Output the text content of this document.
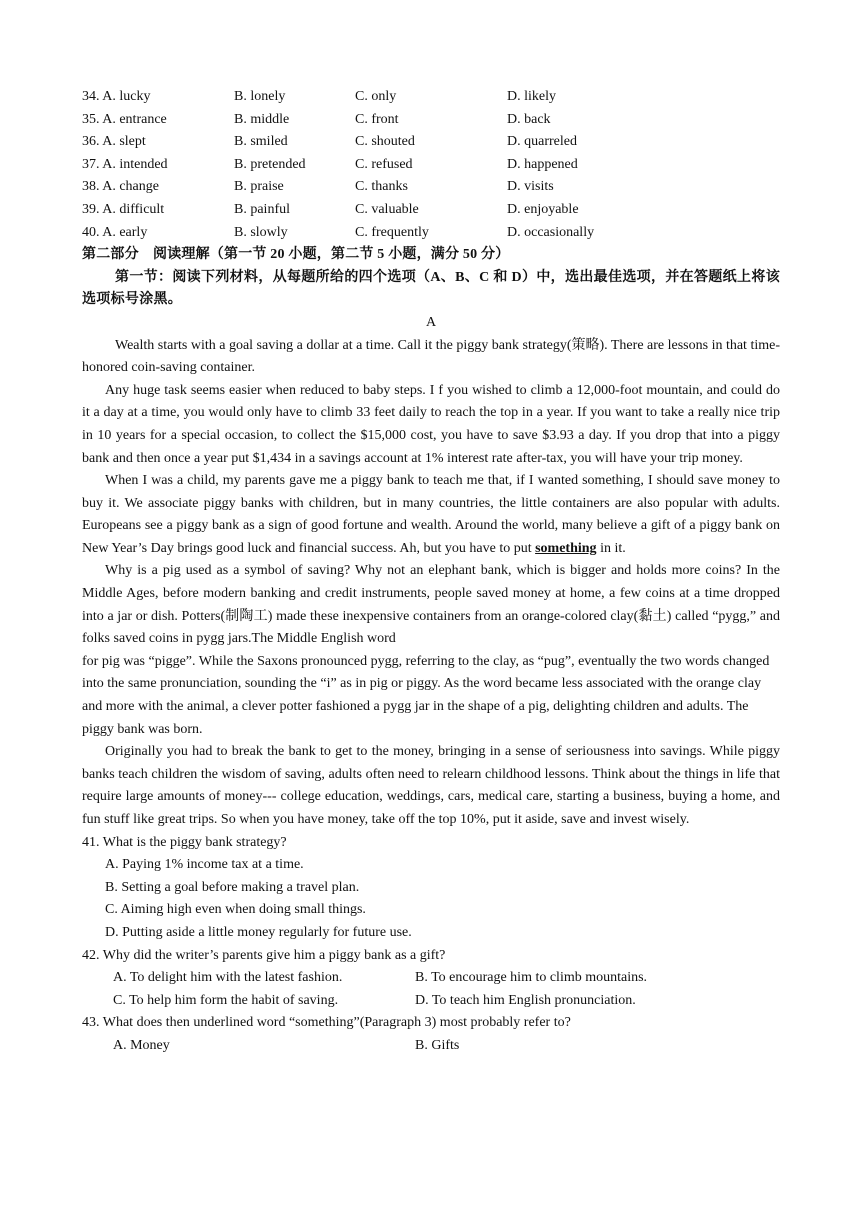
34. A. lucky	B. lonely	C. only	D. likely
35. A. entrance	B. middle	C. front	D. back
36. A. slept	B. smiled	C. shouted	D. quarreled
37. A. intended	B. pretended	C. refused	D. happened
38. A. change	B. praise	C. thanks	D. visits
39. A. difficult	B. painful	C. valuable	D. enjoyable
40. A. early	B. slowly	C. frequently	D. occasionally
第二部分　阅读理解（第一节 20 小题，第二节 5 小题，满分 50 分）
第一节：阅读下列材料，从每题所给的四个选项（A、B、C 和 D）中，选出最佳选项，并在答题纸上将该选项标号涂黑。
A

Wealth starts with a goal saving a dollar at a time. Call it the piggy bank strategy(策略). There are lessons in that time-honored coin-saving container.

Any huge task seems easier when reduced to baby steps. I f you wished to climb a 12,000-foot mountain, and could do it a day at a time, you would only have to climb 33 feet daily to reach the top in a year. If you want to take a really nice trip in 10 years for a special occasion, to collect the $15,000 cost, you have to save $3.93 a day. If you drop that into a piggy bank and then once a year put $1,434 in a savings account at 1% interest rate after-tax, you will have your trip money.

When I was a child, my parents gave me a piggy bank to teach me that, if I wanted something, I should save money to buy it. We associate piggy banks with children, but in many countries, the little containers are also popular with adults. Europeans see a piggy bank as a sign of good fortune and wealth. Around the world, many believe a gift of a piggy bank on New Year’s Day brings good luck and financial success. Ah, but you have to put something in it.

Why is a pig used as a symbol of saving? Why not an elephant bank, which is bigger and holds more coins? In the Middle Ages, before modern banking and credit instruments, people saved money at home, a few coins at a time dropped into a jar or dish. Potters(制陶工) made these inexpensive containers from an orange-colored clay(黏土) called “pygg,” and folks saved coins in pygg jars.The Middle English word

for pig was “pigge”. While the Saxons pronounced pygg, referring to the clay, as “pug”, eventually the two words changed into the same pronunciation, sounding the “i” as in pig or piggy. As the word became less associated with the orange clay and more with the animal, a clever potter fashioned a pygg jar in the shape of a pig, delighting children and adults. The piggy bank was born.

Originally you had to break the bank to get to the money, bringing in a sense of seriousness into savings. While piggy banks teach children the wisdom of saving, adults often need to relearn childhood lessons. Think about the things in life that require large amounts of money--- college education, weddings, cars, medical care, starting a business, buying a home, and fun stuff like great trips. So when you have money, take off the top 10%, put it aside, save and invest wisely.

41. What is the piggy bank strategy?
A. Paying 1% income tax at a time.
B. Setting a goal before making a travel plan.
C. Aiming high even when doing small things.
D. Putting aside a little money regularly for future use.
42. Why did the writer’s parents give him a piggy bank as a gift?
A. To delight him with the latest fashion.	B. To encourage him to climb mountains.
C. To help him form the habit of saving.	D. To teach him English pronunciation.
43. What does then underlined word “something”(Paragraph 3) most probably refer to?
A. Money	B. Gifts
